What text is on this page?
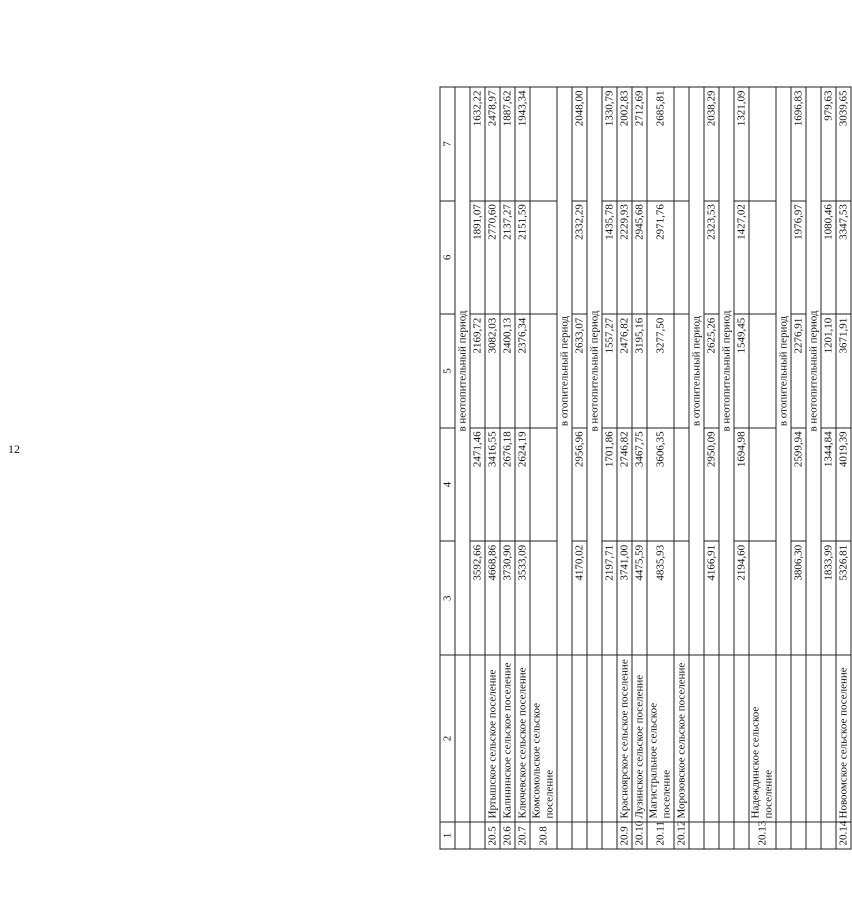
12
1	2	3	4	5	6	7
		в неотопительный период				
		3592,66	2471,46	2169,72	1891,07	1632,22
20.5	Иртышское сельское поселение	4668,86	3416,55	3082,03	2770,60	2478,97
20.6	Калининское сельское поселение	3730,90	2676,18	2400,13	2137,27	1887,62
20.7	Ключевское сельское поселение	3533,09	2624,19	2376,34	2151,59	1943,34
20.8	Комсомольское сельское поселение					
		в отопительный период				
		4170,02	2956,96	2633,07	2332,29	2048,00
		в неотопительный период				
		2197,71	1701,86	1557,27	1435,78	1330,79
20.9	Красноярское сельское поселение	3741,00	2746,82	2476,82	2229,93	2002,83
20.10	Лузинское сельское поселение	4475,59	3467,75	3195,16	2945,68	2712,69
20.11	Магистральное сельское поселение	4835,93	3606,35	3277,50	2971,76	2685,81
20.12	Морозовское сельское поселение					
		в отопительный период				
		4166,91	2950,09	2625,26	2323,53	2038,29
		в неотопительный период				
		2194,60	1694,98	1549,45	1427,02	1321,09
20.13	Надеждинское сельское поселение					
		в отопительный период				
		3806,30	2599,94	2276,91	1976,97	1696,83
		в неотопительный период				
		1833,99	1344,84	1201,10	1080,46	979,63
20.14	Новоомское сельское поселение	5326,81	4019,39	3671,91	3347,53	3039,65
